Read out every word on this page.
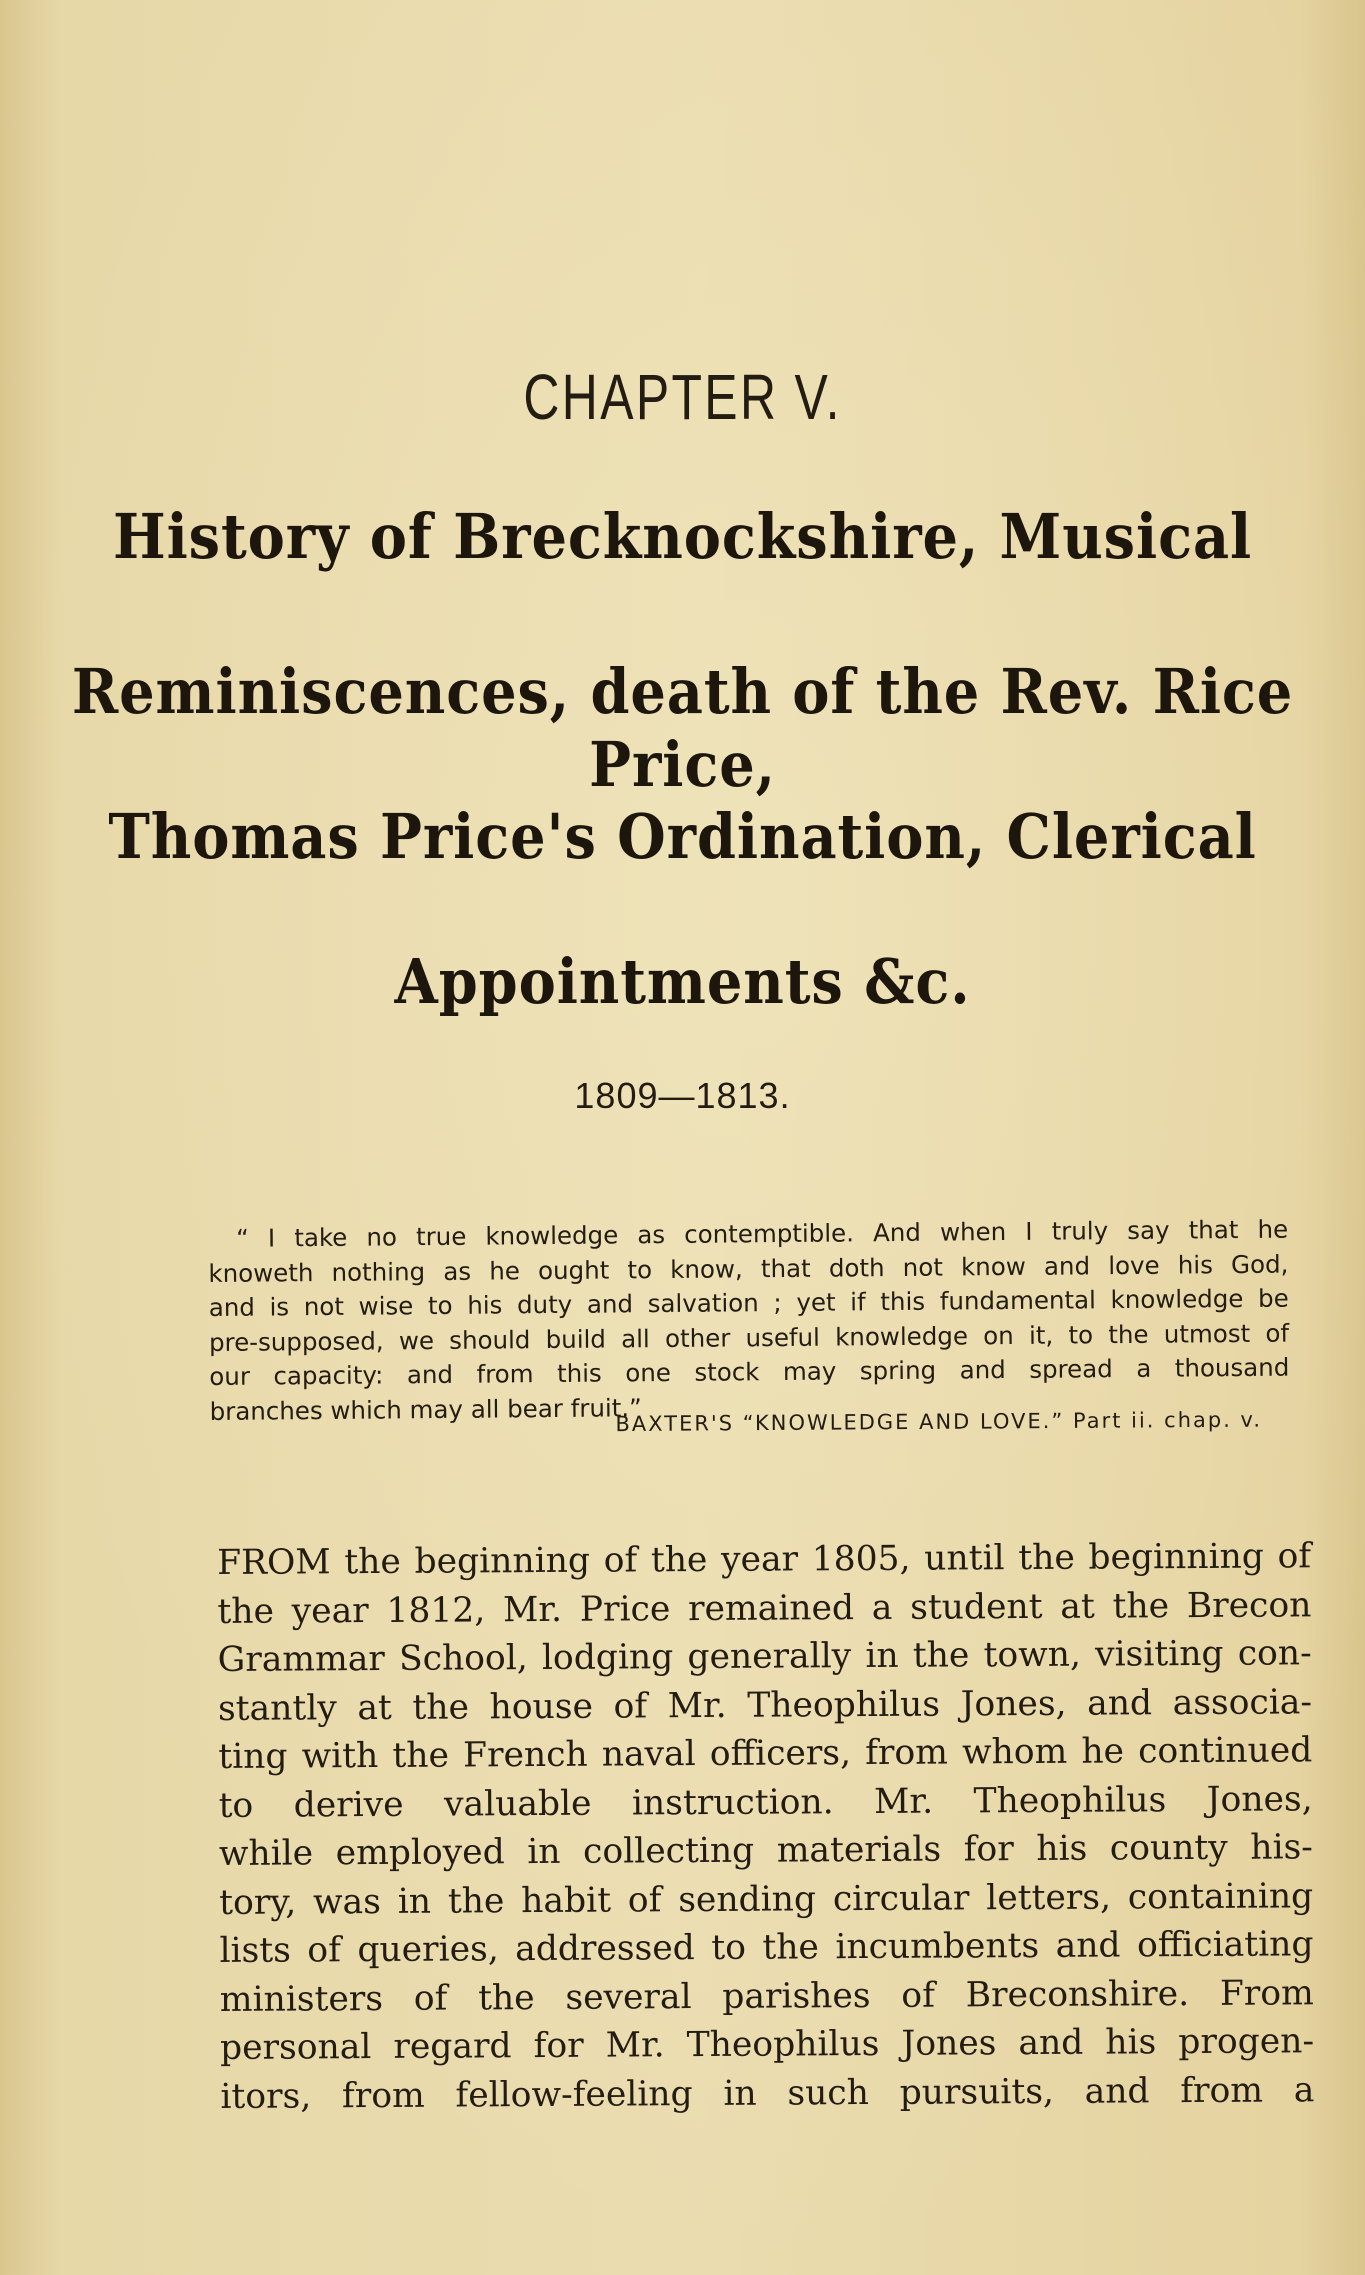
CHAPTER V.
History of Brecknockshire, Musical
Reminiscences, death of the Rev. Rice Price,
Thomas Price's Ordination, Clerical
Appointments &c.
1809—1813.
“ I take no true knowledge as contemptible. And when I truly say that he
knoweth nothing as he ought to know, that doth not know and love his God,
and is not wise to his duty and salvation ; yet if this fundamental knowledge be
pre-supposed, we should build all other useful knowledge on it, to the utmost of
our capacity: and from this one stock may spring and spread a thousand
branches which may all bear fruit.”
BAXTER'S “KNOWLEDGE AND LOVE.” Part ii. chap. v.
FROM the beginning of the year 1805, until the beginning of
the year 1812, Mr. Price remained a student at the Brecon
Grammar School, lodging generally in the town, visiting con-
stantly at the house of Mr. Theophilus Jones, and associa-
ting with the French naval officers, from whom he continued
to derive valuable instruction. Mr. Theophilus Jones,
while employed in collecting materials for his county his-
tory, was in the habit of sending circular letters, containing
lists of queries, addressed to the incumbents and officiating
ministers of the several parishes of Breconshire. From
personal regard for Mr. Theophilus Jones and his progen-
itors, from fellow-feeling in such pursuits, and from a
